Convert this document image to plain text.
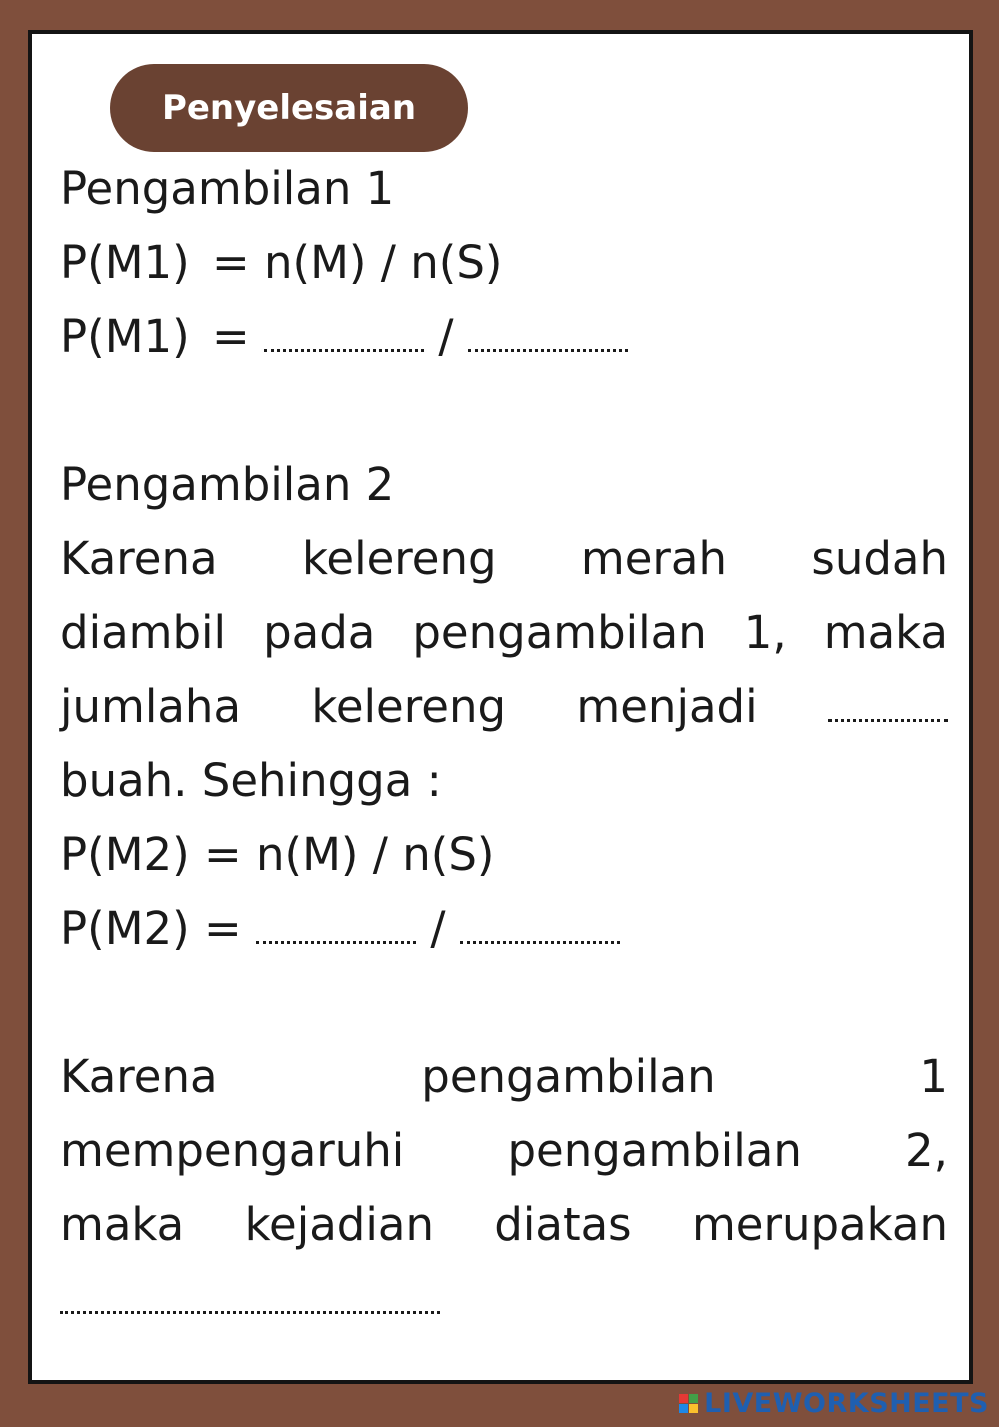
Penyelesaian
Pengambilan 1
P(M1) = n(M) / n(S)
P(M1) =	/
Pengambilan 2
Karena kelereng merah sudah
diambil pada pengambilan 1, maka
jumlaha kelereng menjadi
buah. Sehingga :
P(M2) = n(M) / n(S)
P(M2) =	/
Karena pengambilan 1
mempengaruhi pengambilan 2,
maka kejadian diatas merupakan
LIVEWORKSHEETS
